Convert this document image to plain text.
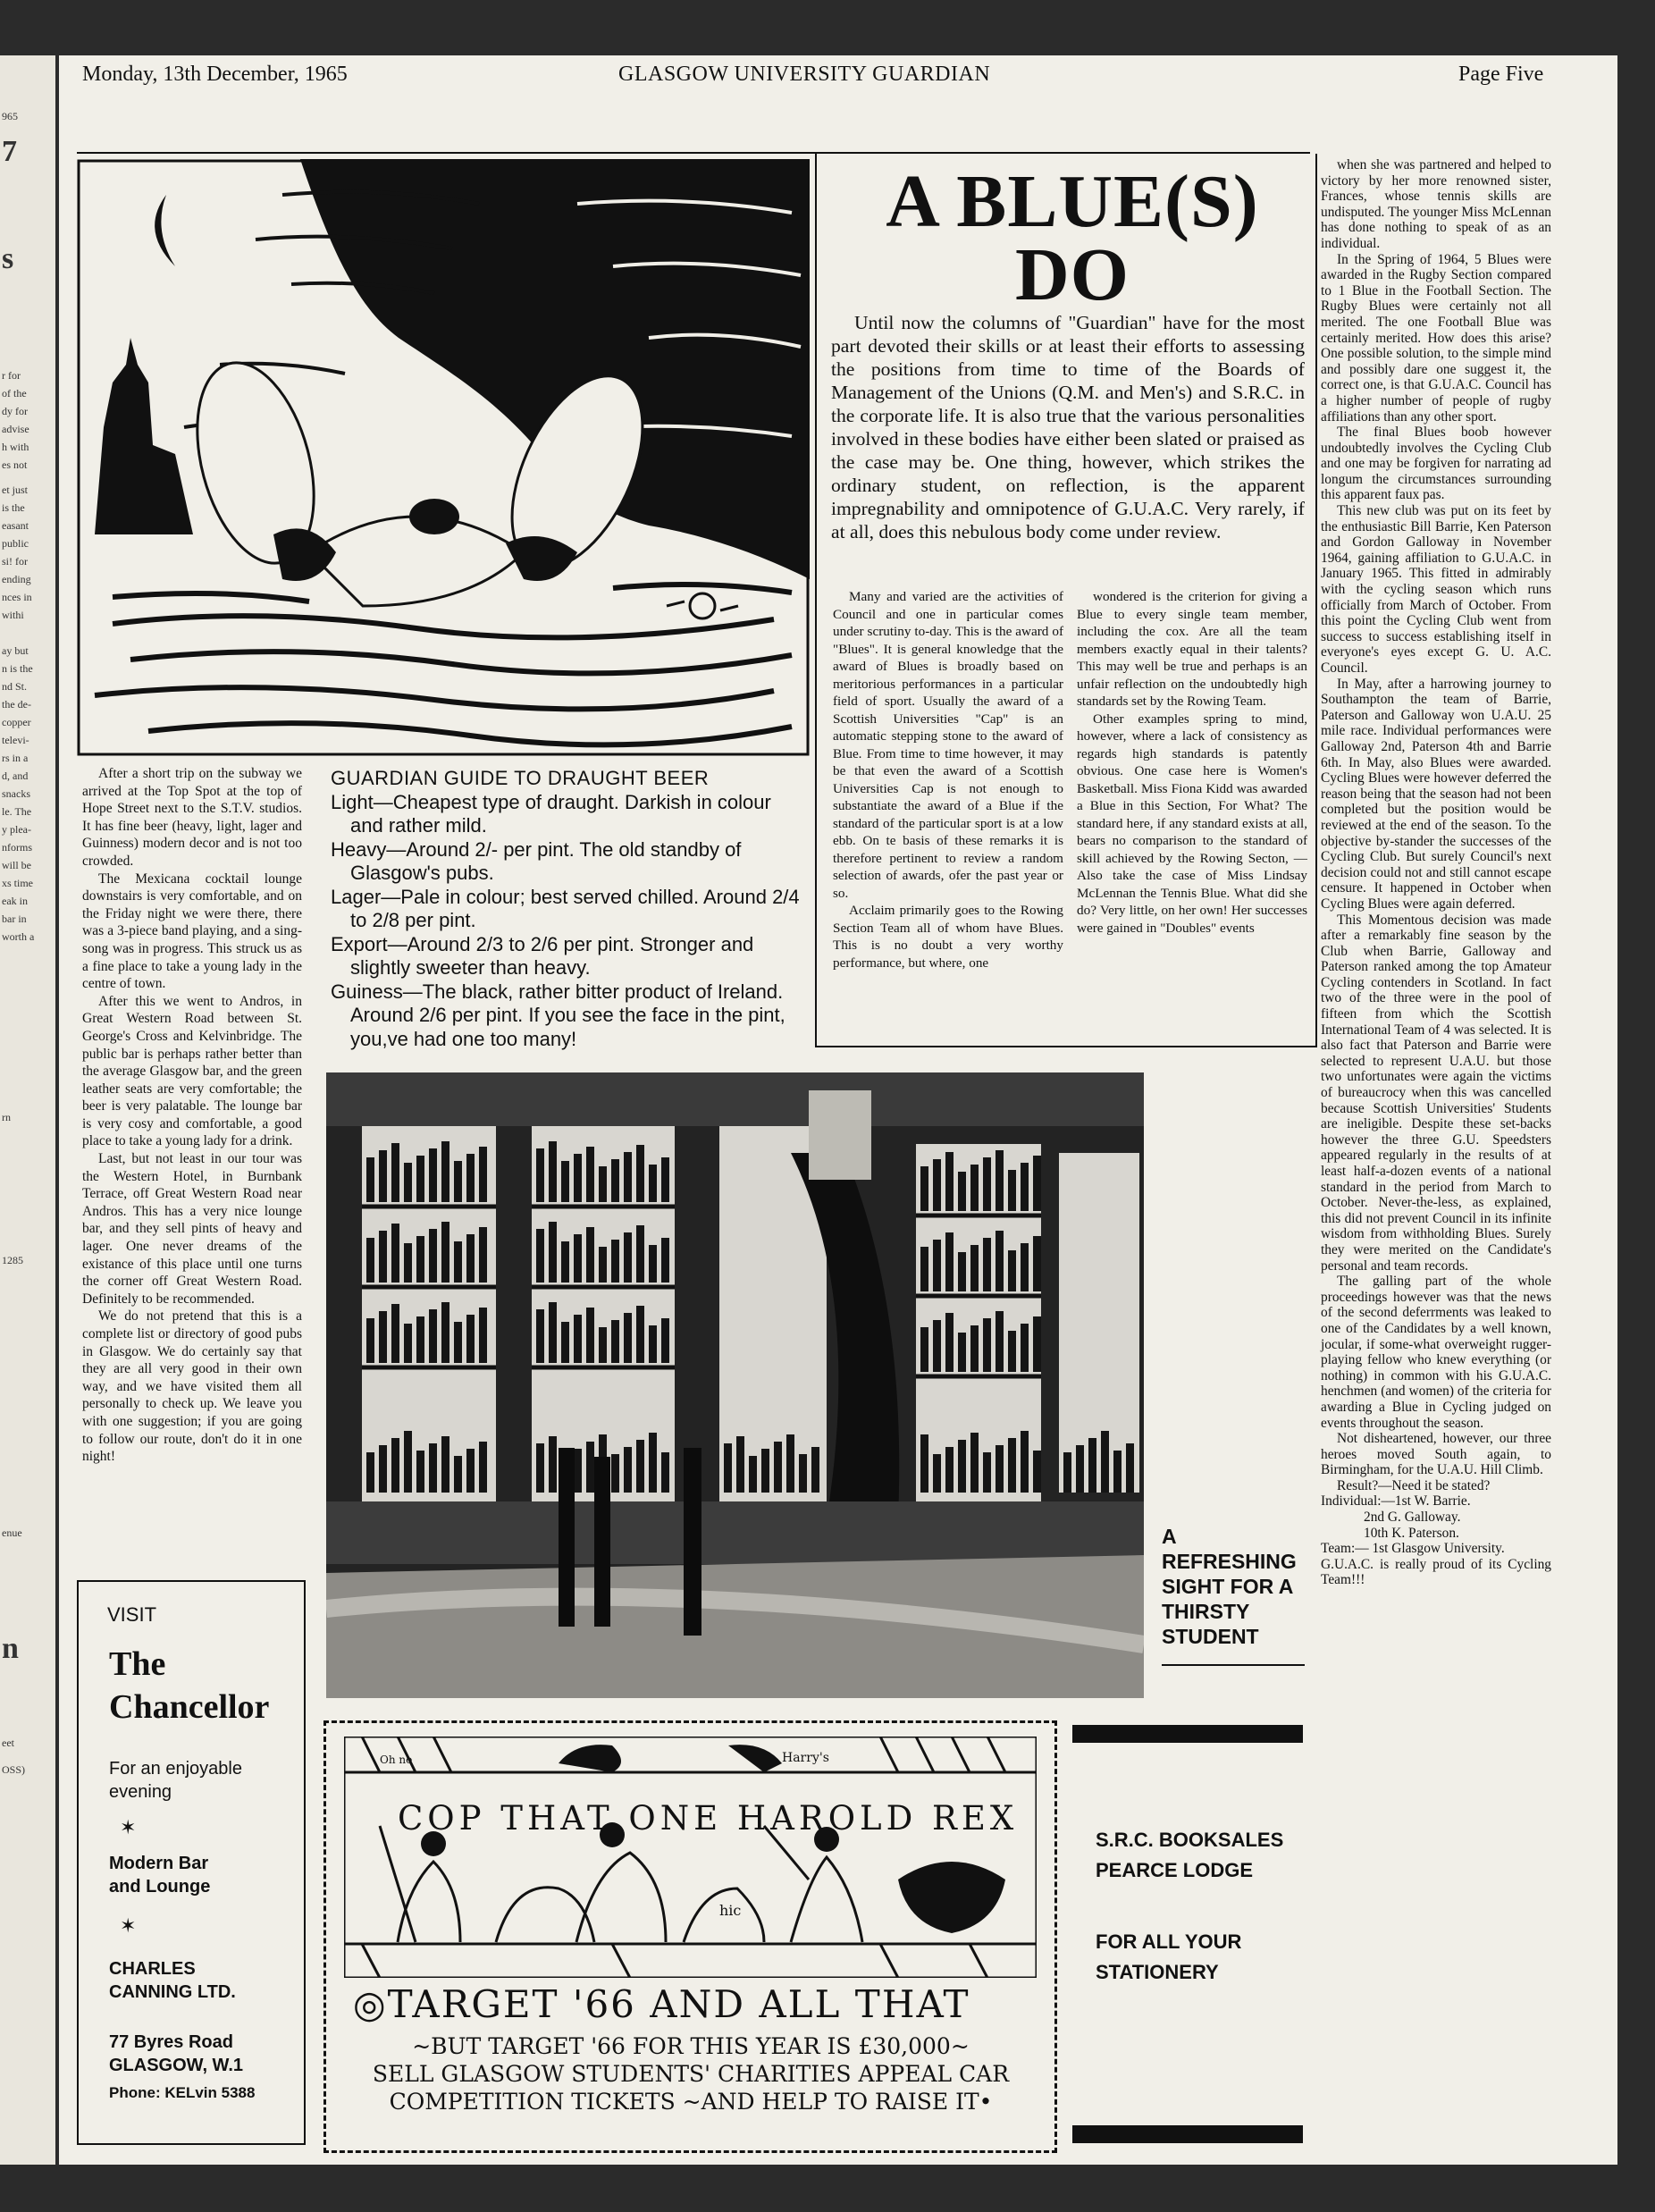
965
7
s
r for
of the
dy for
advise
h with
es not
et just
is the
easant
public
si! for
ending
nces in
withi
ay but
n is the
nd St.
the de-
copper
televi-
rs in a
d, and
snacks
le. The
y plea-
nforms
will be
xs time
eak in
bar in
worth a
rn
1285
enue
n
eet
OSS)
Monday, 13th December, 1965	GLASGOW UNIVERSITY GUARDIAN	Page Five

After a short trip on the subway we arrived at the Top Spot at the top of Hope Street next to the S.T.V. studios. It has fine beer (heavy, light, lager and Guinness) modern decor and is not too crowded.

The Mexicana cocktail lounge downstairs is very comfortable, and on the Friday night we were there, there was a 3-piece band playing, and a sing-song was in progress. This struck us as a fine place to take a young lady in the centre of town.

After this we went to Andros, in Great Western Road between St. George's Cross and Kelvinbridge. The public bar is perhaps rather better than the average Glasgow bar, and the green leather seats are very comfortable; the beer is very palatable. The lounge bar is very cosy and comfortable, a good place to take a young lady for a drink.

Last, but not least in our tour was the Western Hotel, in Burnbank Terrace, off Great Western Road near Andros. This has a very nice lounge bar, and they sell pints of heavy and lager. One never dreams of the existance of this place until one turns the corner off Great Western Road. Definitely to be recommended.

We do not pretend that this is a complete list or directory of good pubs in Glasgow. We do certainly say that they are all very good in their own way, and we have visited them all personally to check up. We leave you with one suggestion; if you are going to follow our route, don't do it in one night!

GUARDIAN GUIDE TO DRAUGHT BEER

Light—Cheapest type of draught. Darkish in colour and rather mild.

Heavy—Around 2/- per pint. The old standby of Glasgow's pubs.

Lager—Pale in colour; best served chilled. Around 2/4 to 2/8 per pint.

Export—Around 2/3 to 2/6 per pint. Stronger and slightly sweeter than heavy.

Guiness—The black, rather bitter product of Ireland. Around 2/6 per pint. If you see the face in the pint, you,ve had one too many!

A BLUE(S)
DO

Until now the columns of "Guardian" have for the most part devoted their skills or at least their efforts to assessing the positions from time to time of the Boards of Management of the Unions (Q.M. and Men's) and S.R.C. in the corporate life. It is also true that the various personalities involved in these bodies have either been slated or praised as the case may be. One thing, however, which strikes the ordinary student, on reflection, is the apparent impregnability and omnipotence of G.U.A.C. Very rarely, if at all, does this nebulous body come under review.

Many and varied are the activities of Council and one in particular comes under scrutiny to-day. This is the award of "Blues". It is general knowledge that the award of Blues is broadly based on meritorious performances in a particular field of sport. Usually the award of a Scottish Universities "Cap" is an automatic stepping stone to the award of Blue. From time to time however, it may be that even the award of a Scottish Universities Cap is not enough to substantiate the award of a Blue if the standard of the particular sport is at a low ebb. On te basis of these remarks it is therefore pertinent to review a random selection of awards, ofer the past year or so.

Acclaim primarily goes to the Rowing Section Team all of whom have Blues. This is no doubt a very worthy performance, but where, one

wondered is the criterion for giving a Blue to every single team member, including the cox. Are all the team members exactly equal in their talents? This may well be true and perhaps is an unfair reflection on the undoubtedly high standards set by the Rowing Team.

Other examples spring to mind, however, where a lack of consistency as regards high standards is patently obvious. One case here is Women's Basketball. Miss Fiona Kidd was awarded a Blue in this Section, For What? The standard here, if any standard exists at all, bears no comparison to the standard of skill achieved by the Rowing Secton, —Also take the case of Miss Lindsay McLennan the Tennis Blue. What did she do? Very little, on her own! Her successes were gained in "Doubles" events

when she was partnered and helped to victory by her more renowned sister, Frances, whose tennis skills are undisputed. The younger Miss McLennan has done nothing to speak of as an individual.

In the Spring of 1964, 5 Blues were awarded in the Rugby Section compared to 1 Blue in the Football Section. The Rugby Blues were certainly not all merited. The one Football Blue was certainly merited. How does this arise? One possible solution, to the simple mind and possibly dare one suggest it, the correct one, is that G.U.A.C. Council has a higher number of people of rugby affiliations than any other sport.

The final Blues boob however undoubtedly involves the Cycling Club and one may be forgiven for narrating ad longum the circumstances surrounding this apparent faux pas.

This new club was put on its feet by the enthusiastic Bill Barrie, Ken Paterson and Gordon Galloway in November 1964, gaining affiliation to G.U.A.C. in January 1965. This fitted in admirably with the cycling season which runs officially from March of October. From this point the Cycling Club went from success to success establishing itself in everyone's eyes except G. U. A.C. Council.

In May, after a harrowing journey to Southampton the team of Barrie, Paterson and Galloway won U.A.U. 25 mile race. Individual performances were Galloway 2nd, Paterson 4th and Barrie 6th. In May, also Blues were awarded. Cycling Blues were however deferred the reason being that the season had not been completed but the position would be reviewed at the end of the season. To the objective by-stander the successes of the Cycling Club. But surely Council's next decision could not and still cannot escape censure. It happened in October when Cycling Blues were again deferred.

This Momentous decision was made after a remarkably fine season by the Club when Barrie, Galloway and Paterson ranked among the top Amateur Cycling contenders in Scotland. In fact two of the three were in the pool of fifteen from which the Scottish International Team of 4 was selected. It is also fact that Paterson and Barrie were selected to represent U.A.U. but those two unfortunates were again the victims of bureaucrocy when this was cancelled because Scottish Universities' Students are ineligible. Despite these set-backs however the three G.U. Speedsters appeared regularly in the results of at least half-a-dozen events of a national standard in the period from March to October. Never-the-less, as explained, this did not prevent Council in its infinite wisdom from withholding Blues. Surely they were merited on the Candidate's personal and team records.

The galling part of the whole proceedings however was that the news of the second deferrments was leaked to one of the Candidates by a well known, jocular, if some-what overweight rugger-playing fellow who knew everything (or nothing) in common with his G.U.A.C. henchmen (and women) of the criteria for awarding a Blue in Cycling judged on events throughout the season.

Not disheartened, however, our three heroes moved South again, to Birmingham, for the U.A.U. Hill Climb.

Result?—Need it be stated?

Individual:—1st W. Barrie.

2nd G. Galloway.

10th K. Paterson.

Team:— 1st Glasgow University.

G.U.A.C. is really proud of its Cycling Team!!!

A
REFRESHING
SIGHT FOR A
THIRSTY
STUDENT
VISIT
The
Chancellor
For an enjoyable
evening
✶
Modern Bar
and Lounge
✶
CHARLES
CANNING LTD.
77 Byres Road
GLASGOW, W.1
Phone: KELvin 5388
Oh no	Harry's
hic
COP THAT ONE HAROLD REX
◎TARGET '66 AND ALL THAT
~BUT TARGET '66 FOR THIS YEAR IS £30,000~
SELL GLASGOW STUDENTS' CHARITIES APPEAL CAR
COMPETITION TICKETS ~AND HELP TO RAISE IT•
S.R.C. BOOKSALES
PEARCE LODGE
FOR ALL YOUR
STATIONERY
